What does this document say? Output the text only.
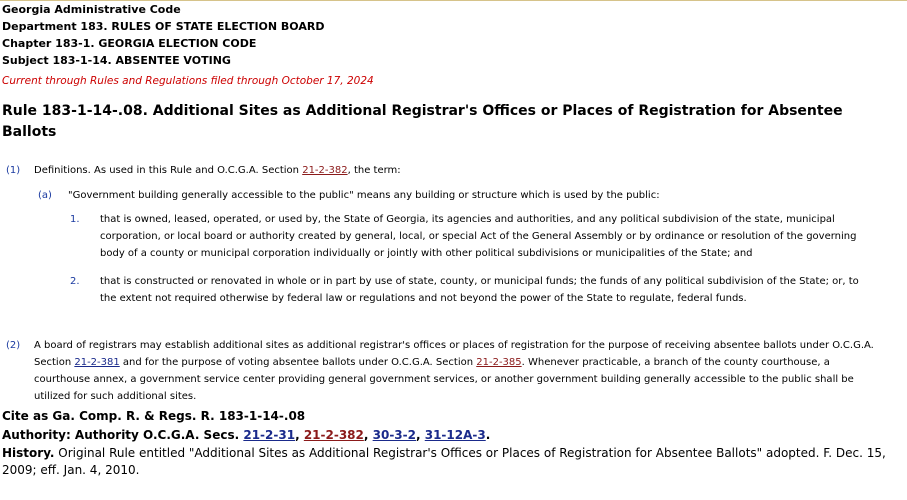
Georgia Administrative Code
Department 183. RULES OF STATE ELECTION BOARD
Chapter 183-1. GEORGIA ELECTION CODE
Subject 183-1-14. ABSENTEE VOTING
Current through Rules and Regulations filed through October 17, 2024
Rule 183-1-14-.08. Additional Sites as Additional Registrar's Offices or Places of Registration for Absentee Ballots
(1) Definitions. As used in this Rule and O.C.G.A. Section 21-2-382, the term:
(a) "Government building generally accessible to the public" means any building or structure which is used by the public:
1. that is owned, leased, operated, or used by, the State of Georgia, its agencies and authorities, and any political subdivision of the state, municipal corporation, or local board or authority created by general, local, or special Act of the General Assembly or by ordinance or resolution of the governing body of a county or municipal corporation individually or jointly with other political subdivisions or municipalities of the State; and
2. that is constructed or renovated in whole or in part by use of state, county, or municipal funds; the funds of any political subdivision of the State; or, to the extent not required otherwise by federal law or regulations and not beyond the power of the State to regulate, federal funds.
(2) A board of registrars may establish additional sites as additional registrar's offices or places of registration for the purpose of receiving absentee ballots under O.C.G.A. Section 21-2-381 and for the purpose of voting absentee ballots under O.C.G.A. Section 21-2-385. Whenever practicable, a branch of the county courthouse, a courthouse annex, a government service center providing general government services, or another government building generally accessible to the public shall be utilized for such additional sites.
Cite as Ga. Comp. R. & Regs. R. 183-1-14-.08
Authority: Authority O.C.G.A. Secs. 21-2-31, 21-2-382, 30-3-2, 31-12A-3.
History. Original Rule entitled "Additional Sites as Additional Registrar's Offices or Places of Registration for Absentee Ballots" adopted. F. Dec. 15, 2009; eff. Jan. 4, 2010.
